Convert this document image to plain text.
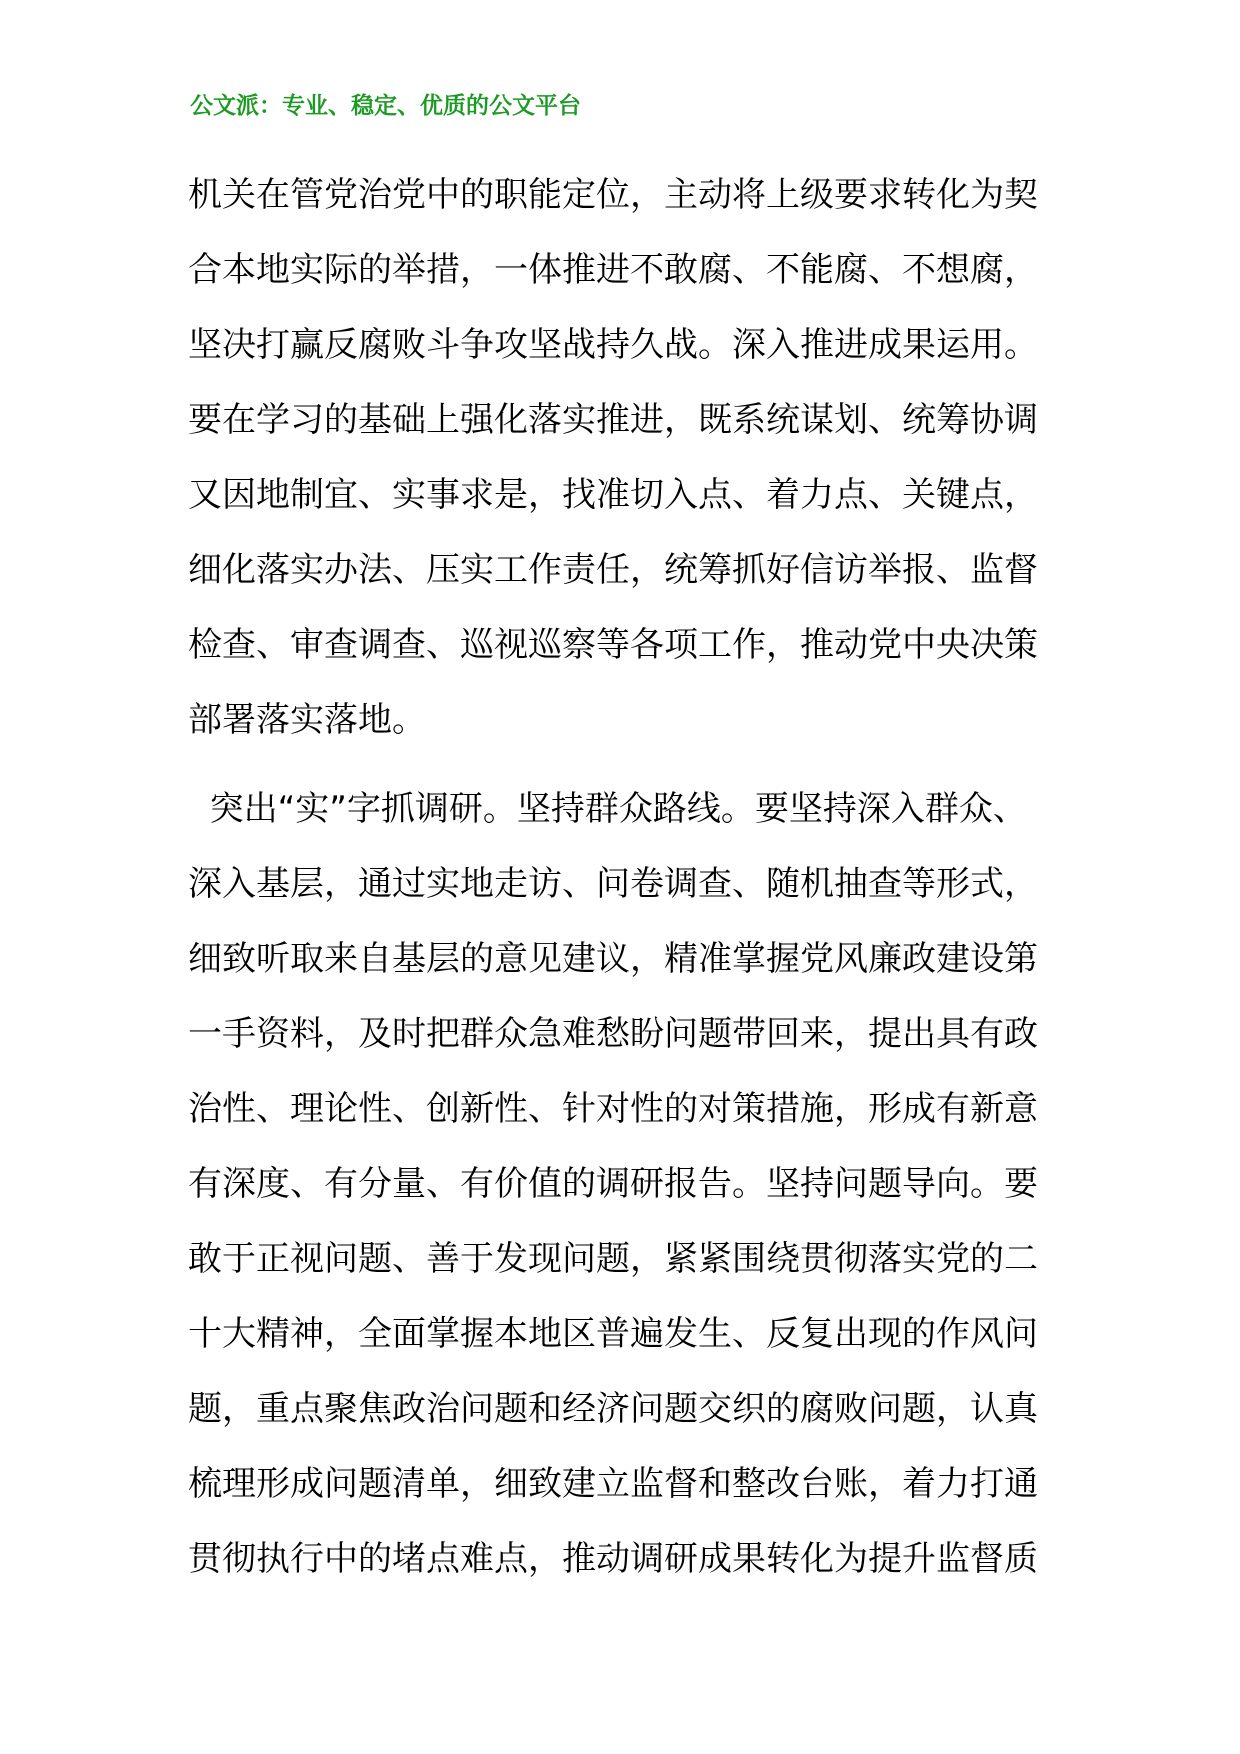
公文派：专业、稳定、优质的公文平台
机关在管党治党中的职能定位，主动将上级要求转化为契
合本地实际的举措，一体推进不敢腐、不能腐、不想腐，
坚决打赢反腐败斗争攻坚战持久战。深入推进成果运用。
要在学习的基础上强化落实推进，既系统谋划、统筹协调
又因地制宜、实事求是，找准切入点、着力点、关键点，
细化落实办法、压实工作责任，统筹抓好信访举报、监督
检查、审查调查、巡视巡察等各项工作，推动党中央决策
部署落实落地。
突出“实”字抓调研。坚持群众路线。要坚持深入群众、
深入基层，通过实地走访、问卷调查、随机抽查等形式，
细致听取来自基层的意见建议，精准掌握党风廉政建设第
一手资料，及时把群众急难愁盼问题带回来，提出具有政
治性、理论性、创新性、针对性的对策措施，形成有新意
有深度、有分量、有价值的调研报告。坚持问题导向。要
敢于正视问题、善于发现问题，紧紧围绕贯彻落实党的二
十大精神，全面掌握本地区普遍发生、反复出现的作风问
题，重点聚焦政治问题和经济问题交织的腐败问题，认真
梳理形成问题清单，细致建立监督和整改台账，着力打通
贯彻执行中的堵点难点，推动调研成果转化为提升监督质
